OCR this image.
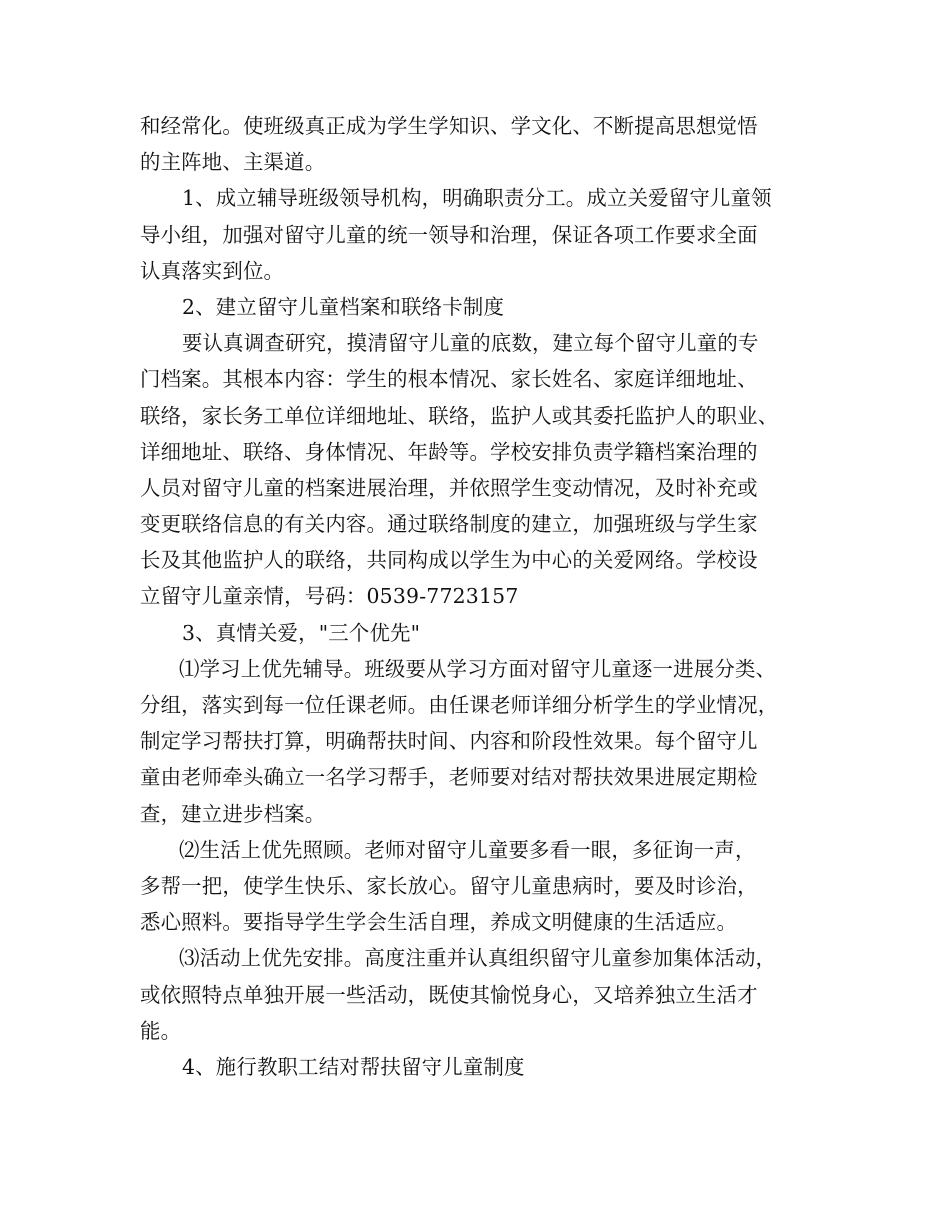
和经常化。使班级真正成为学生学知识、学文化、不断提高思想觉悟
的主阵地、主渠道。
1、成立辅导班级领导机构，明确职责分工。成立关爱留守儿童领
导小组，加强对留守儿童的统一领导和治理，保证各项工作要求全面
认真落实到位。
2、建立留守儿童档案和联络卡制度
要认真调查研究，摸清留守儿童的底数，建立每个留守儿童的专
门档案。其根本内容：学生的根本情况、家长姓名、家庭详细地址、
联络，家长务工单位详细地址、联络，监护人或其委托监护人的职业、
详细地址、联络、身体情况、年龄等。学校安排负责学籍档案治理的
人员对留守儿童的档案进展治理，并依照学生变动情况，及时补充或
变更联络信息的有关内容。通过联络制度的建立，加强班级与学生家
长及其他监护人的联络，共同构成以学生为中心的关爱网络。学校设
立留守儿童亲情，号码：0539-7723157
3、真情关爱，"三个优先"
⑴学习上优先辅导。班级要从学习方面对留守儿童逐一进展分类、
分组，落实到每一位任课老师。由任课老师详细分析学生的学业情况，
制定学习帮扶打算，明确帮扶时间、内容和阶段性效果。每个留守儿
童由老师牵头确立一名学习帮手，老师要对结对帮扶效果进展定期检
查，建立进步档案。
⑵生活上优先照顾。老师对留守儿童要多看一眼，多征询一声，
多帮一把，使学生快乐、家长放心。留守儿童患病时，要及时诊治，
悉心照料。要指导学生学会生活自理，养成文明健康的生活适应。
⑶活动上优先安排。高度注重并认真组织留守儿童参加集体活动，
或依照特点单独开展一些活动，既使其愉悦身心，又培养独立生活才
能。
4、施行教职工结对帮扶留守儿童制度
